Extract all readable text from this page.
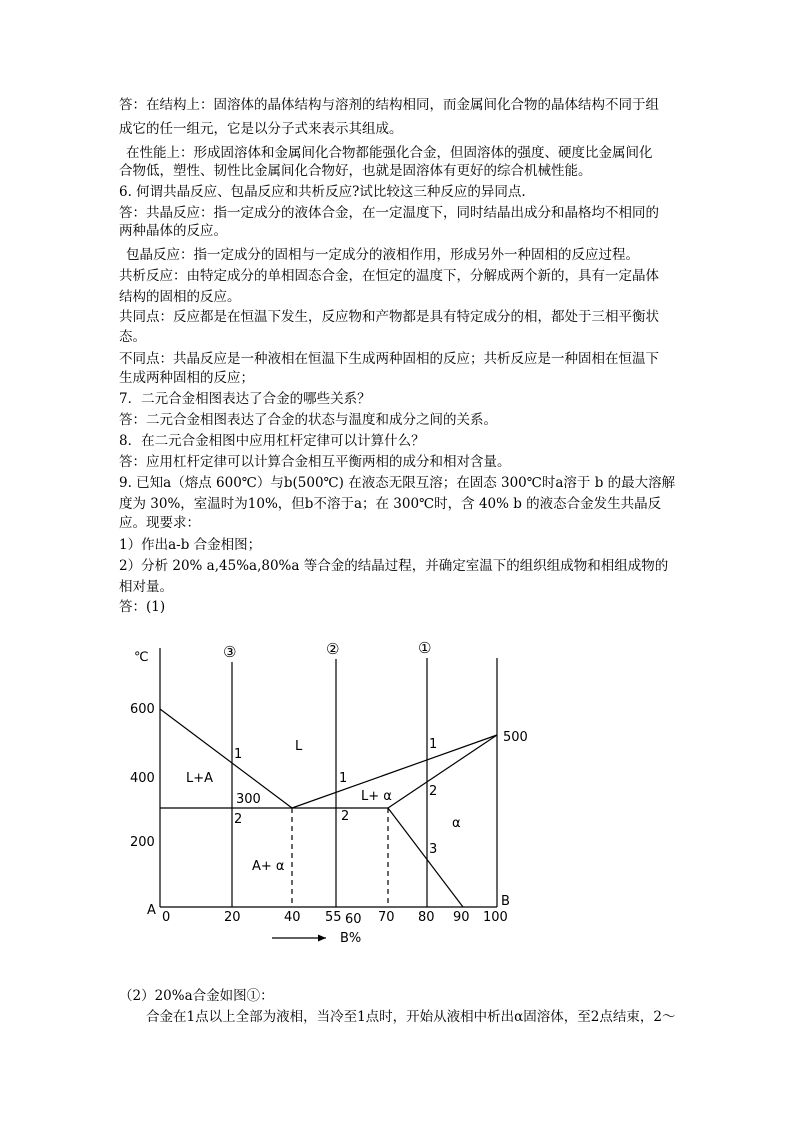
答：在结构上：固溶体的晶体结构与溶剂的结构相同，而金属间化合物的晶体结构不同于组
成它的任一组元，它是以分子式来表示其组成。
在性能上：形成固溶体和金属间化合物都能强化合金，但固溶体的强度、硬度比金属间化
合物低，塑性、韧性比金属间化合物好，也就是固溶体有更好的综合机械性能。
6. 何谓共晶反应、包晶反应和共析反应?试比较这三种反应的异同点.
答：共晶反应：指一定成分的液体合金，在一定温度下，同时结晶出成分和晶格均不相同的
两种晶体的反应。
包晶反应：指一定成分的固相与一定成分的液相作用，形成另外一种固相的反应过程。
共析反应：由特定成分的单相固态合金，在恒定的温度下，分解成两个新的，具有一定晶体
结构的固相的反应。
共同点：反应都是在恒温下发生，反应物和产物都是具有特定成分的相，都处于三相平衡状
态。
不同点：共晶反应是一种液相在恒温下生成两种固相的反应；共析反应是一种固相在恒温下
生成两种固相的反应；
7．二元合金相图表达了合金的哪些关系？
答：二元合金相图表达了合金的状态与温度和成分之间的关系。
8．在二元合金相图中应用杠杆定律可以计算什么？
答：应用杠杆定律可以计算合金相互平衡两相的成分和相对含量。
9. 已知a（熔点 600℃）与b(500℃) 在液态无限互溶；在固态 300℃时a溶于 b 的最大溶解
度为 30%，室温时为10%，但b不溶于a；在 300℃时，含 40% b 的液态合金发生共晶反
应。现要求：
1）作出a-b 合金相图；
2）分析 20% a,45%a,80%a 等合金的结晶过程，并确定室温下的组织组成物和相组成物的
相对量。
答：(1)
℃
600
400
200
A
B
0	20	40 55 60 70 80 90 100
B%
③	②	①
L
L+A
L+ α
α
A+ α
300
500
1
2
1
2
1
2
3
（2）20%a合金如图①：
合金在1点以上全部为液相，当冷至1点时，开始从液相中析出α固溶体，至2点结束，2～
